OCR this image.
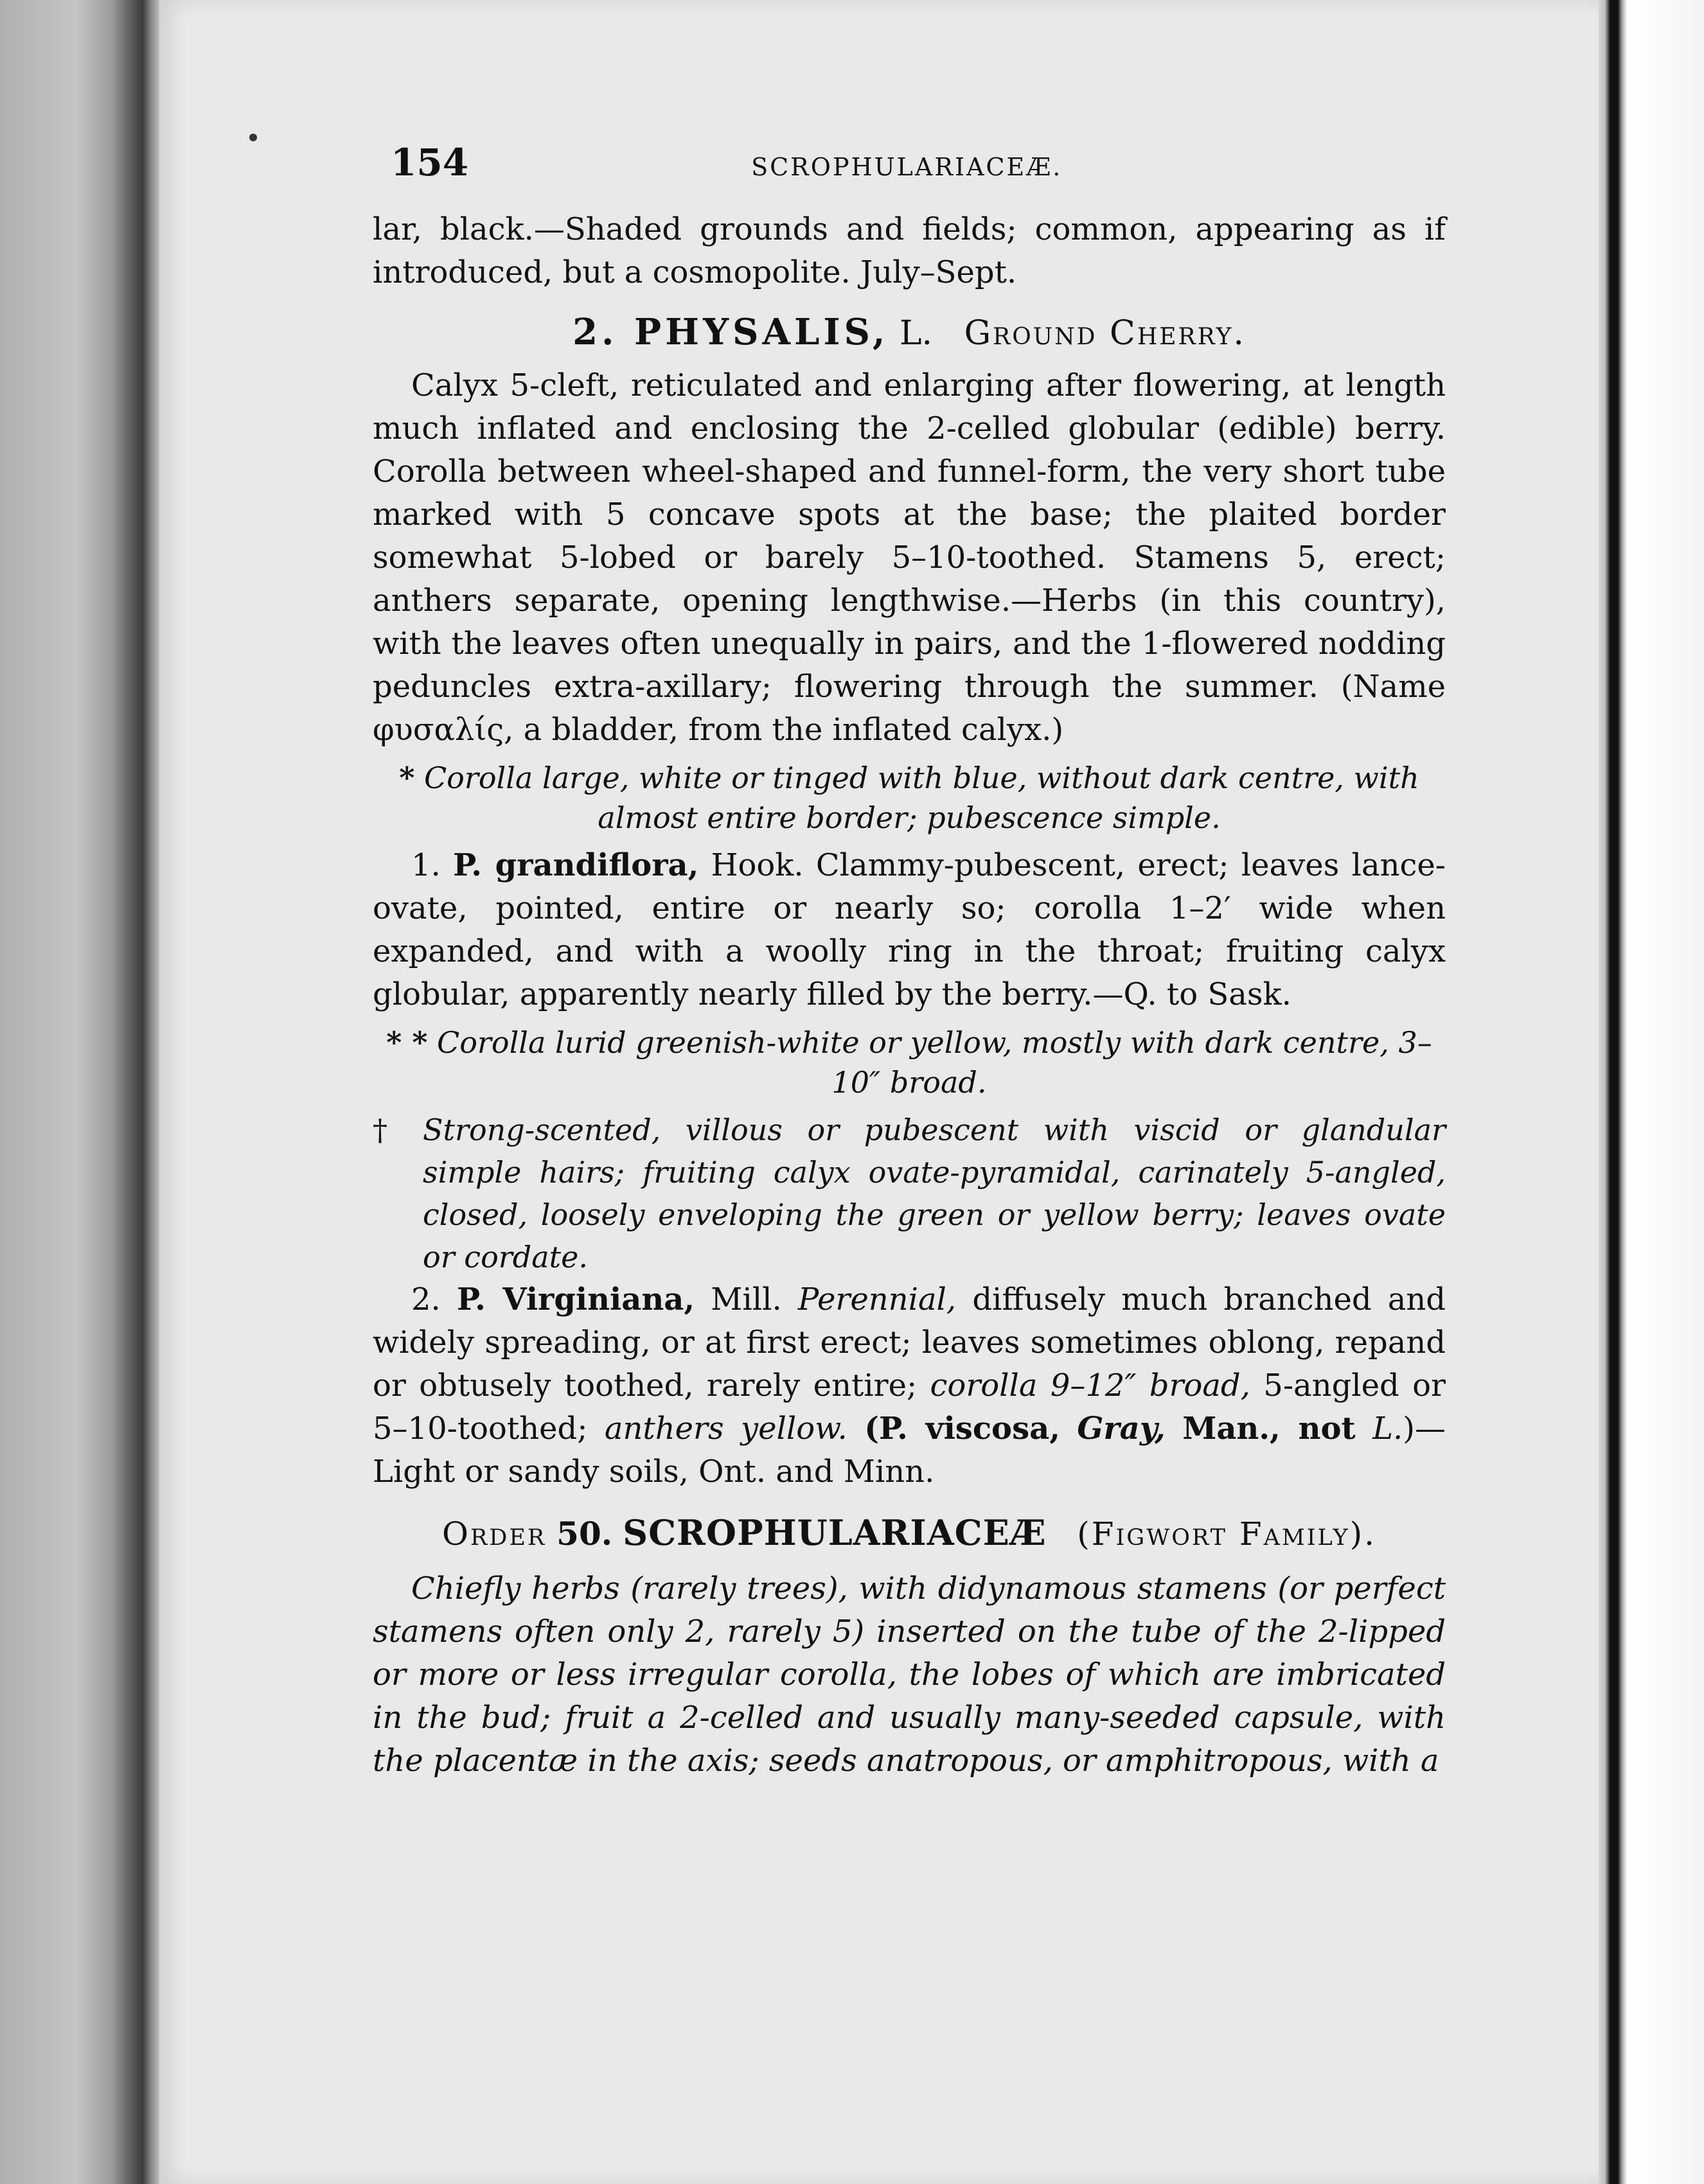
154	SCROPHULARIACEÆ.

lar, black.—Shaded grounds and fields; common, appearing as if introduced, but a cosmopolite. July–Sept.

2. PHYSALIS, L. Ground Cherry.

Calyx 5-cleft, reticulated and enlarging after flowering, at length much inflated and enclosing the 2-celled globular (edible) berry. Corolla between wheel-shaped and funnel-form, the very short tube marked with 5 concave spots at the base; the plaited border somewhat 5-lobed or barely 5–10-toothed. Stamens 5, erect; anthers separate, opening lengthwise.—Herbs (in this country), with the leaves often unequally in pairs, and the 1-flowered nodding peduncles extra-axillary; flowering through the summer. (Name φυσαλίς, a bladder, from the inflated calyx.)

* Corolla large, white or tinged with blue, without dark centre, with almost entire border; pubescence simple.

1. P. grandiflora, Hook. Clammy-pubescent, erect; leaves lance-ovate, pointed, entire or nearly so; corolla 1–2′ wide when expanded, and with a woolly ring in the throat; fruiting calyx globular, apparently nearly filled by the berry.—Q. to Sask.

* * Corolla lurid greenish-white or yellow, mostly with dark centre, 3–10″ broad.

† Strong-scented, villous or pubescent with viscid or glandular simple hairs; fruiting calyx ovate-pyramidal, carinately 5-angled, closed, loosely enveloping the green or yellow berry; leaves ovate or cordate.

2. P. Virginiana, Mill. Perennial, diffusely much branched and widely spreading, or at first erect; leaves sometimes oblong, repand or obtusely toothed, rarely entire; corolla 9–12″ broad, 5-angled or 5–10-toothed; anthers yellow. (P. viscosa, Gray, Man., not L.)—Light or sandy soils, Ont. and Minn.

Order 50. SCROPHULARIACEÆ (Figwort Family).

Chiefly herbs (rarely trees), with didynamous stamens (or perfect stamens often only 2, rarely 5) inserted on the tube of the 2-lipped or more or less irregular corolla, the lobes of which are imbricated in the bud; fruit a 2-celled and usually many-seeded capsule, with the placentæ in the axis; seeds anatropous, or amphitropous, with a
